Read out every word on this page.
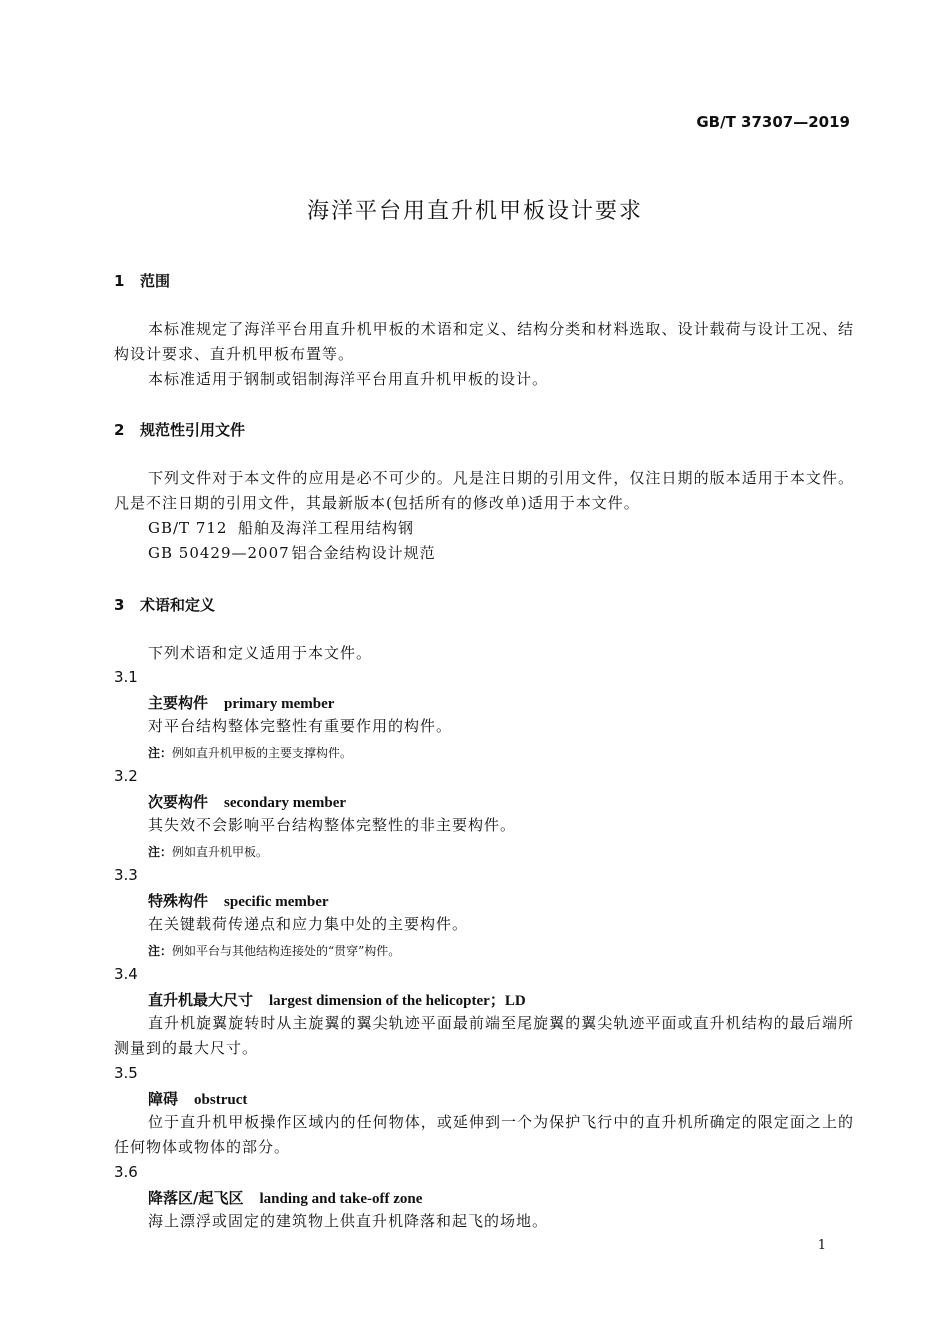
GB/T 37307—2019
海洋平台用直升机甲板设计要求
1 范围
本标准规定了海洋平台用直升机甲板的术语和定义、结构分类和材料选取、设计载荷与设计工况、结构设计要求、直升机甲板布置等。
本标准适用于钢制或铝制海洋平台用直升机甲板的设计。
2 规范性引用文件
下列文件对于本文件的应用是必不可少的。凡是注日期的引用文件，仅注日期的版本适用于本文件。凡是不注日期的引用文件，其最新版本(包括所有的修改单)适用于本文件。
GB/T 712 船舶及海洋工程用结构钢
GB 50429—2007 铝合金结构设计规范
3 术语和定义
下列术语和定义适用于本文件。
3.1
主要构件 primary member
对平台结构整体完整性有重要作用的构件。
注：例如直升机甲板的主要支撑构件。
3.2
次要构件 secondary member
其失效不会影响平台结构整体完整性的非主要构件。
注：例如直升机甲板。
3.3
特殊构件 specific member
在关键载荷传递点和应力集中处的主要构件。
注：例如平台与其他结构连接处的“贯穿”构件。
3.4
直升机最大尺寸 largest dimension of the helicopter；LD
直升机旋翼旋转时从主旋翼的翼尖轨迹平面最前端至尾旋翼的翼尖轨迹平面或直升机结构的最后端所测量到的最大尺寸。
3.5
障碍 obstruct
位于直升机甲板操作区域内的任何物体，或延伸到一个为保护飞行中的直升机所确定的限定面之上的任何物体或物体的部分。
3.6
降落区/起飞区 landing and take-off zone
海上漂浮或固定的建筑物上供直升机降落和起飞的场地。
1
